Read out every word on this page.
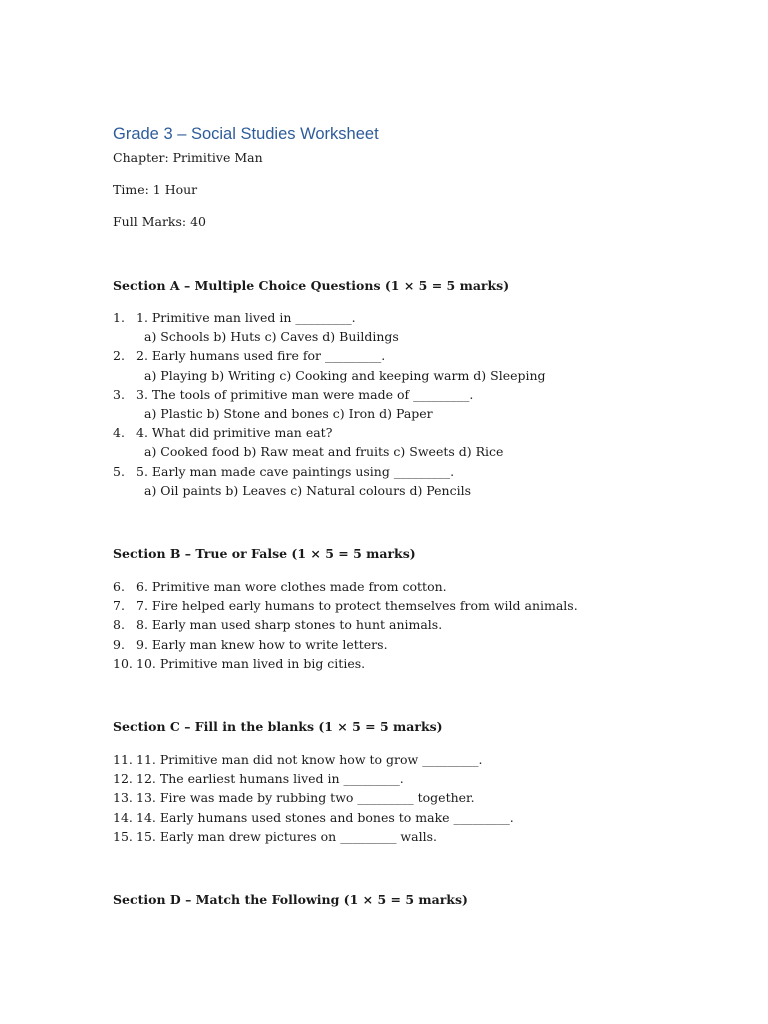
Grade 3 – Social Studies Worksheet
Chapter: Primitive Man
Time: 1 Hour
Full Marks: 40
Section A – Multiple Choice Questions (1 × 5 = 5 marks)
1. 1. Primitive man lived in _________.
a) Schools b) Huts c) Caves d) Buildings
2. 2. Early humans used fire for _________.
a) Playing b) Writing c) Cooking and keeping warm d) Sleeping
3. 3. The tools of primitive man were made of _________.
a) Plastic b) Stone and bones c) Iron d) Paper
4. 4. What did primitive man eat?
a) Cooked food b) Raw meat and fruits c) Sweets d) Rice
5. 5. Early man made cave paintings using _________.
a) Oil paints b) Leaves c) Natural colours d) Pencils
Section B – True or False (1 × 5 = 5 marks)
6. 6. Primitive man wore clothes made from cotton.
7. 7. Fire helped early humans to protect themselves from wild animals.
8. 8. Early man used sharp stones to hunt animals.
9. 9. Early man knew how to write letters.
10. 10. Primitive man lived in big cities.
Section C – Fill in the blanks (1 × 5 = 5 marks)
11. 11. Primitive man did not know how to grow _________.
12. 12. The earliest humans lived in _________.
13. 13. Fire was made by rubbing two _________ together.
14. 14. Early humans used stones and bones to make _________.
15. 15. Early man drew pictures on _________ walls.
Section D – Match the Following (1 × 5 = 5 marks)
